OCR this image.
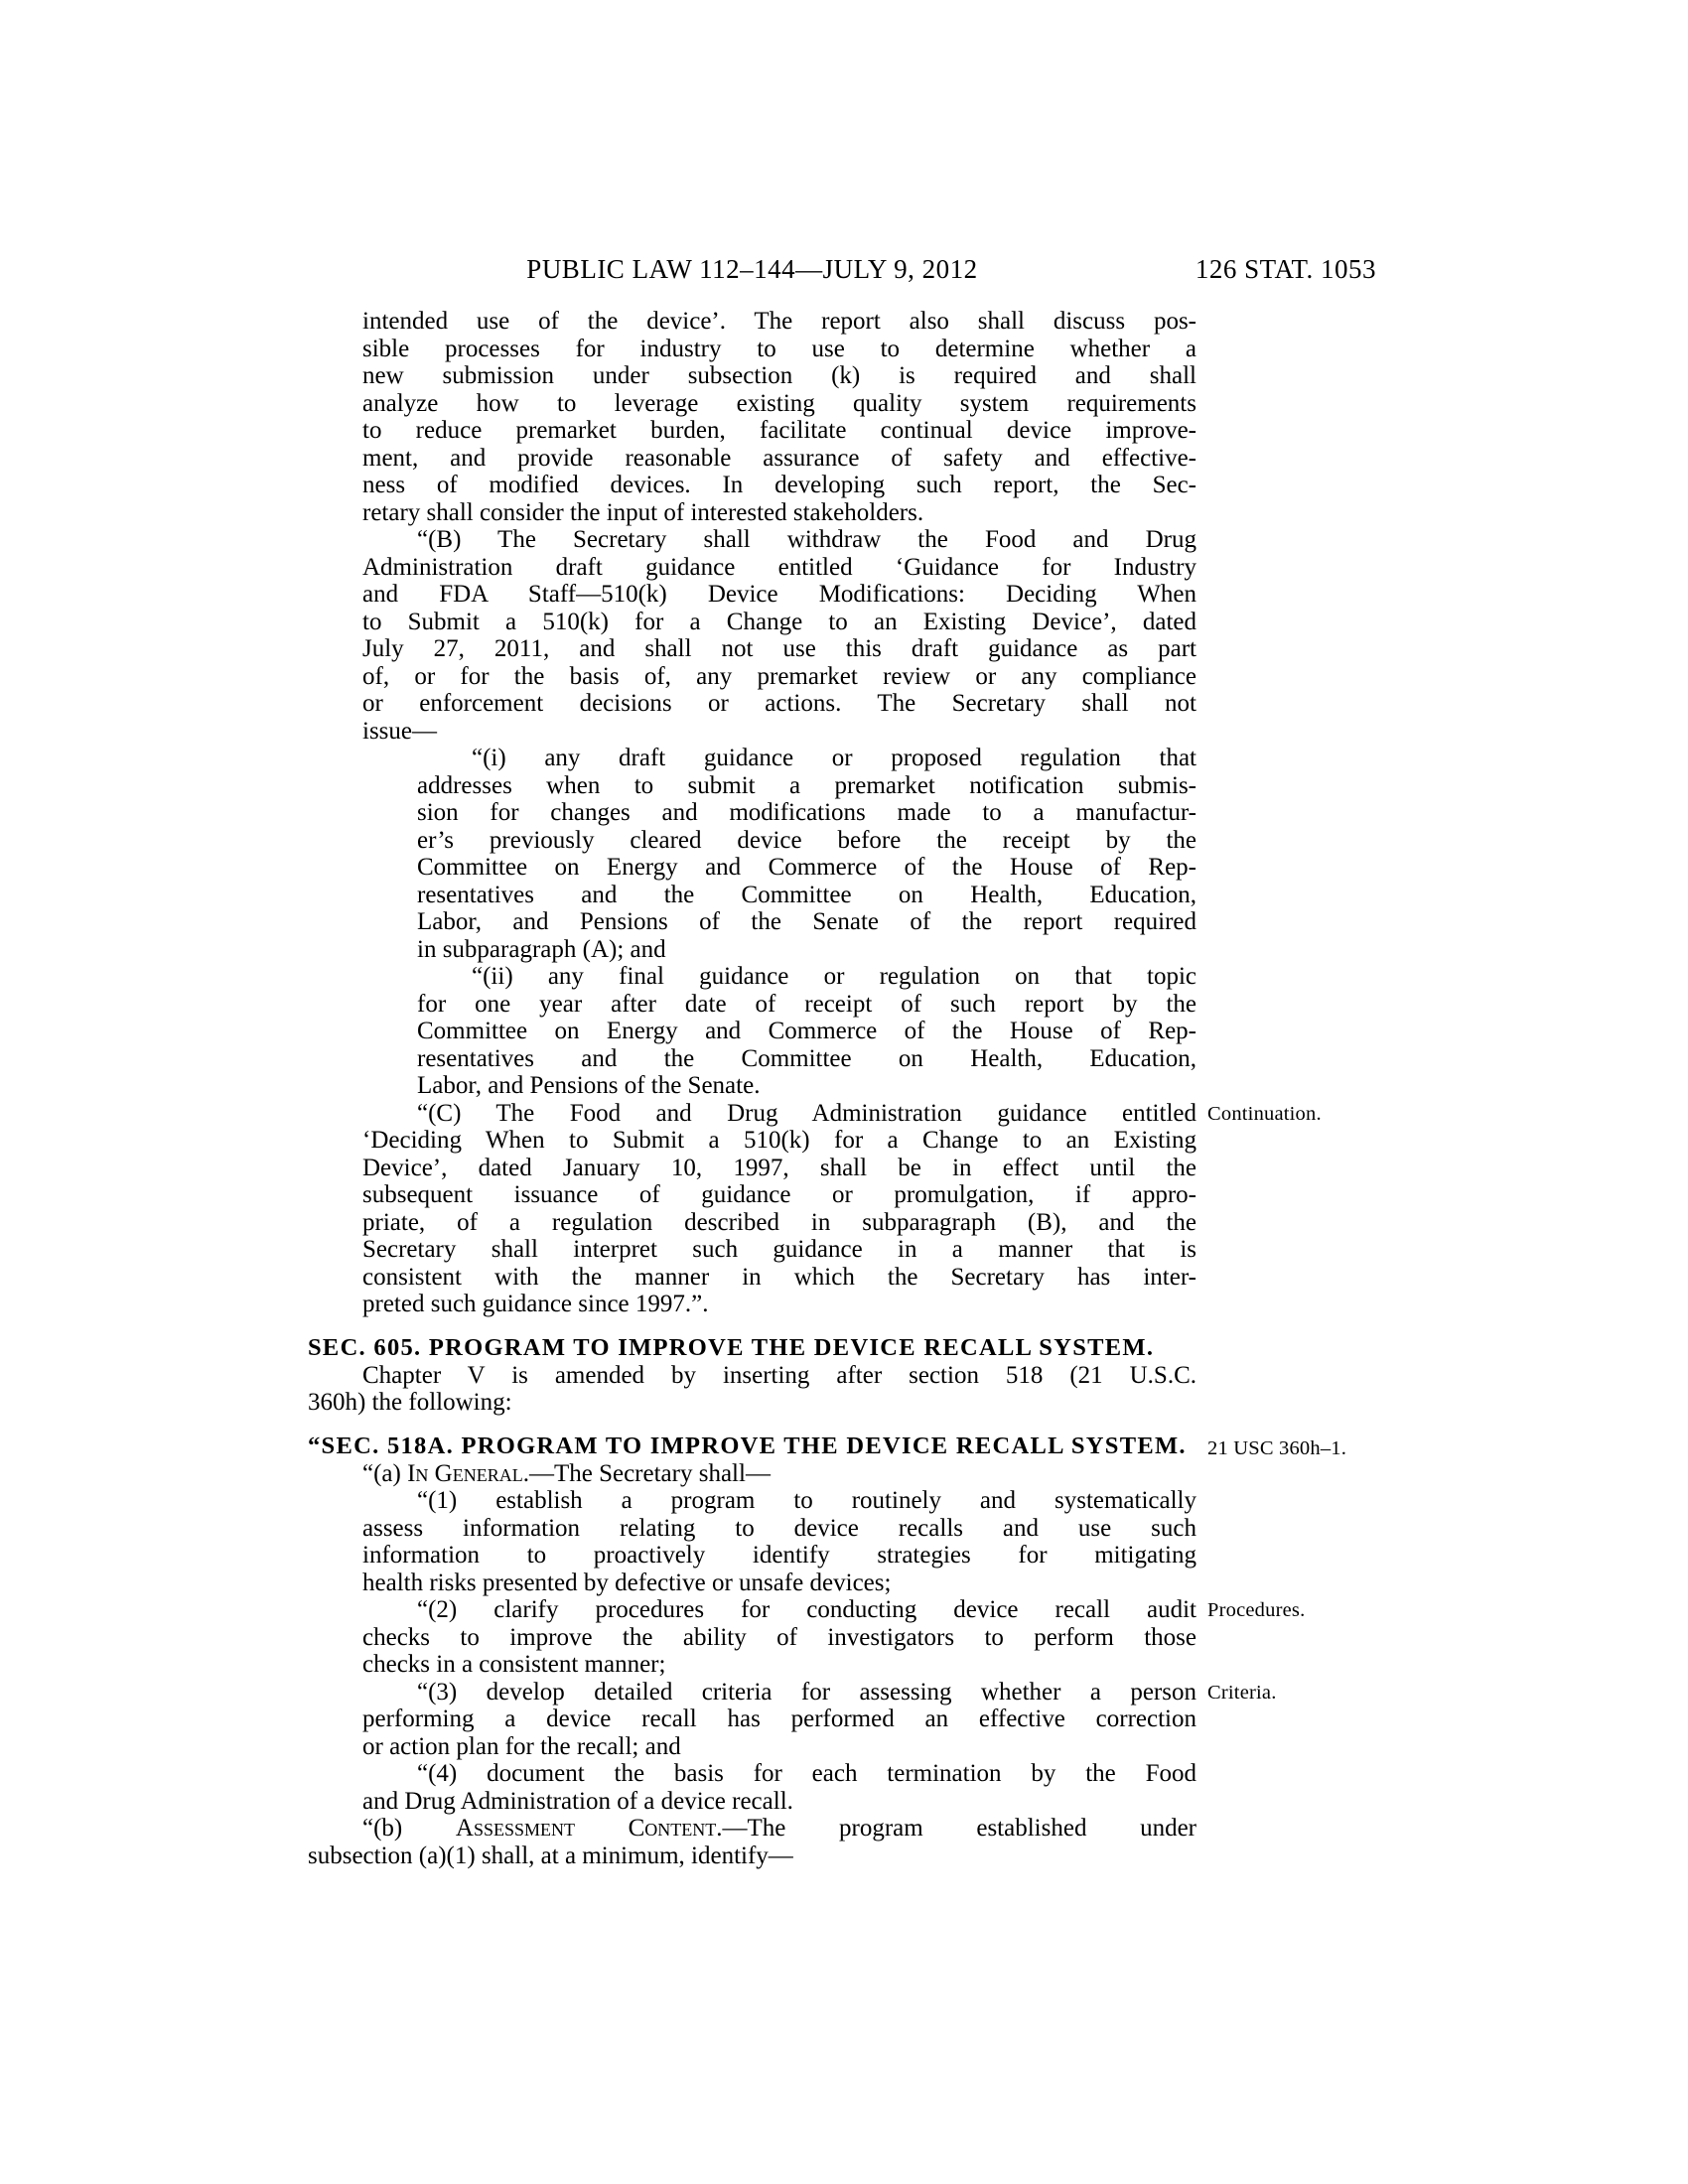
PUBLIC LAW 112–144—JULY 9, 2012	126 STAT. 1053
intended use of the device’. The report also shall discuss pos-
sible processes for industry to use to determine whether a
new submission under subsection (k) is required and shall
analyze how to leverage existing quality system requirements
to reduce premarket burden, facilitate continual device improve-
ment, and provide reasonable assurance of safety and effective-
ness of modified devices. In developing such report, the Sec-
retary shall consider the input of interested stakeholders.
“(B) The Secretary shall withdraw the Food and Drug
Administration draft guidance entitled ‘Guidance for Industry
and FDA Staff—510(k) Device Modifications: Deciding When
to Submit a 510(k) for a Change to an Existing Device’, dated
July 27, 2011, and shall not use this draft guidance as part
of, or for the basis of, any premarket review or any compliance
or enforcement decisions or actions. The Secretary shall not
issue—
“(i) any draft guidance or proposed regulation that
addresses when to submit a premarket notification submis-
sion for changes and modifications made to a manufactur-
er’s previously cleared device before the receipt by the
Committee on Energy and Commerce of the House of Rep-
resentatives and the Committee on Health, Education,
Labor, and Pensions of the Senate of the report required
in subparagraph (A); and
“(ii) any final guidance or regulation on that topic
for one year after date of receipt of such report by the
Committee on Energy and Commerce of the House of Rep-
resentatives and the Committee on Health, Education,
Labor, and Pensions of the Senate.
“(C) The Food and Drug Administration guidance entitled Continuation.
‘Deciding When to Submit a 510(k) for a Change to an Existing
Device’, dated January 10, 1997, shall be in effect until the
subsequent issuance of guidance or promulgation, if appro-
priate, of a regulation described in subparagraph (B), and the
Secretary shall interpret such guidance in a manner that is
consistent with the manner in which the Secretary has inter-
preted such guidance since 1997.”.
SEC. 605. PROGRAM TO IMPROVE THE DEVICE RECALL SYSTEM.
Chapter V is amended by inserting after section 518 (21 U.S.C.
360h) the following:
“SEC. 518A. PROGRAM TO IMPROVE THE DEVICE RECALL SYSTEM. 21 USC 360h–1.
“(a) In General.—The Secretary shall—
“(1) establish a program to routinely and systematically
assess information relating to device recalls and use such
information to proactively identify strategies for mitigating
health risks presented by defective or unsafe devices;
“(2) clarify procedures for conducting device recall audit Procedures.
checks to improve the ability of investigators to perform those
checks in a consistent manner;
“(3) develop detailed criteria for assessing whether a person Criteria.
performing a device recall has performed an effective correction
or action plan for the recall; and
“(4) document the basis for each termination by the Food
and Drug Administration of a device recall.
“(b) Assessment Content.—The program established under
subsection (a)(1) shall, at a minimum, identify—
